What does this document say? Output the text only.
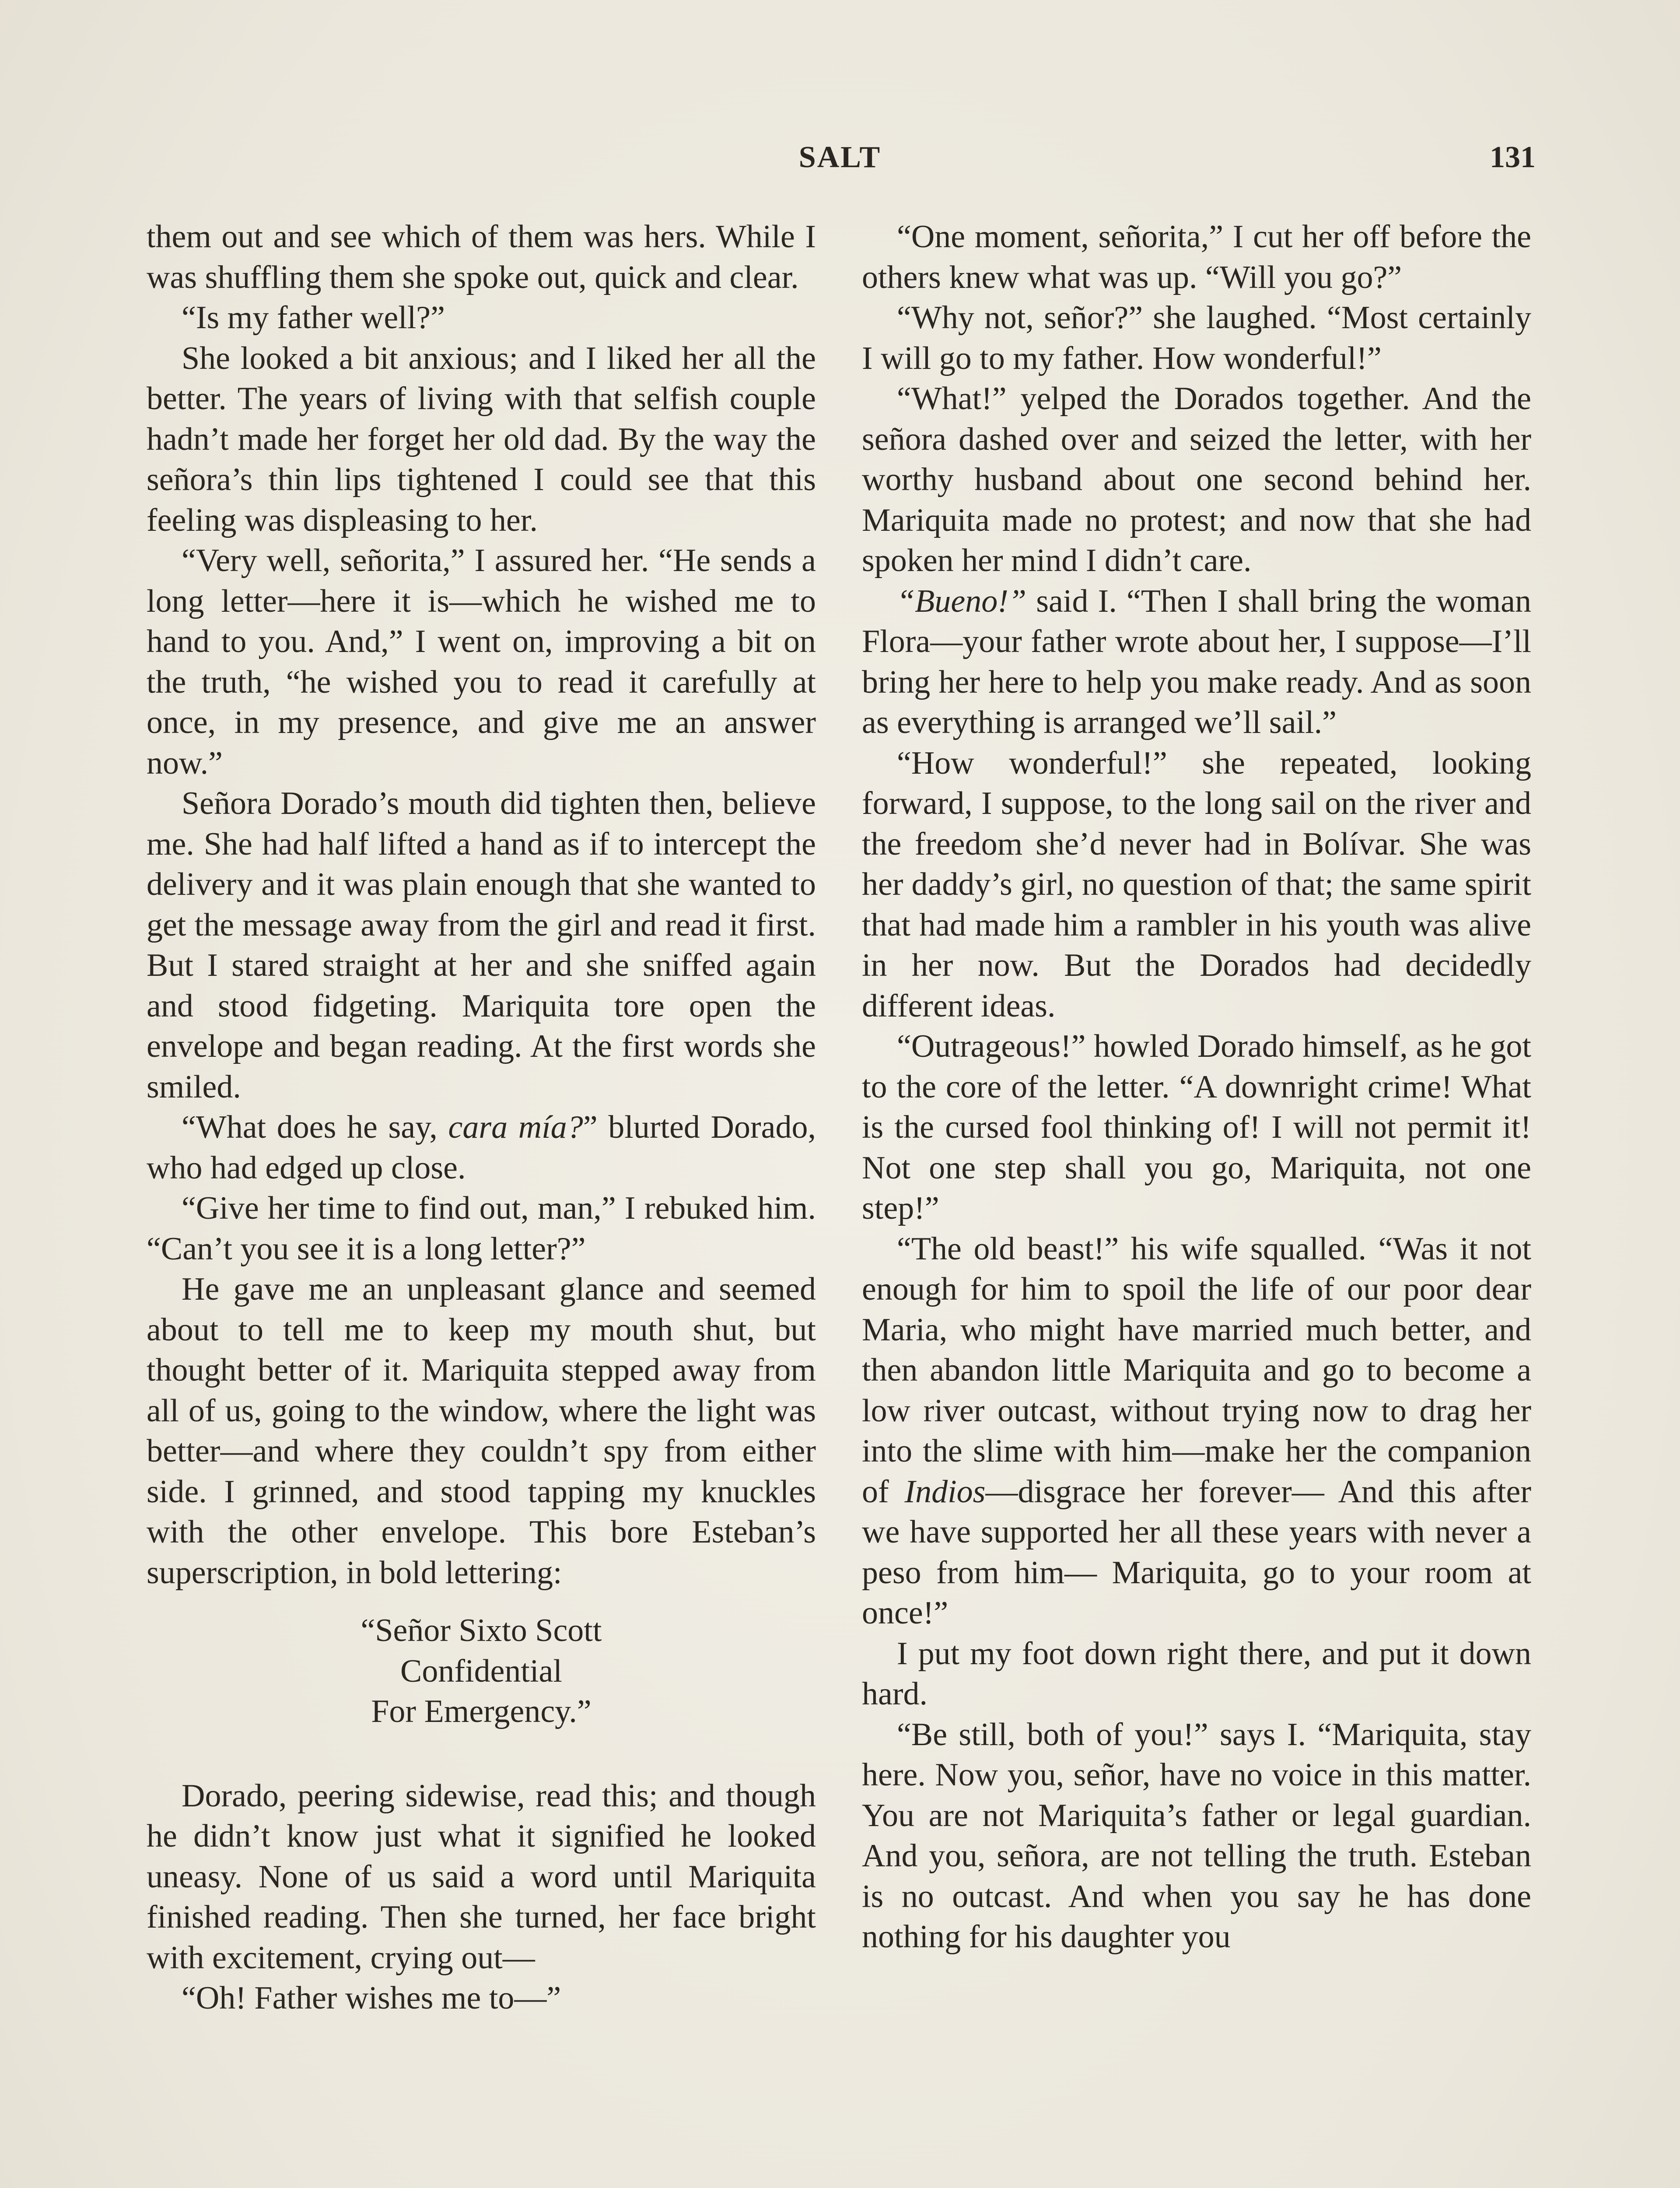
SALT	131

them out and see which of them was hers. While I was shuffling them she spoke out, quick and clear.

“Is my father well?”

She looked a bit anxious; and I liked her all the better. The years of living with that selfish couple hadn’t made her forget her old dad. By the way the señora’s thin lips tightened I could see that this feeling was displeasing to her.

“Very well, señorita,” I assured her. “He sends a long letter—here it is—which he wished me to hand to you. And,” I went on, improving a bit on the truth, “he wished you to read it carefully at once, in my presence, and give me an answer now.”

Señora Dorado’s mouth did tighten then, believe me. She had half lifted a hand as if to intercept the delivery and it was plain enough that she wanted to get the message away from the girl and read it first. But I stared straight at her and she sniffed again and stood fidgeting. Mariquita tore open the envelope and began reading. At the first words she smiled.

“What does he say, cara mía?” blurted Dorado, who had edged up close.

“Give her time to find out, man,” I rebuked him. “Can’t you see it is a long letter?”

He gave me an unpleasant glance and seemed about to tell me to keep my mouth shut, but thought better of it. Mariquita stepped away from all of us, going to the window, where the light was better—and where they couldn’t spy from either side. I grinned, and stood tapping my knuckles with the other envelope. This bore Esteban’s superscription, in bold lettering:

“Señor Sixto Scott
Confidential
For Emergency.”

Dorado, peering sidewise, read this; and though he didn’t know just what it signified he looked uneasy. None of us said a word until Mariquita finished reading. Then she turned, her face bright with excitement, crying out—

“Oh! Father wishes me to—”

“One moment, señorita,” I cut her off before the others knew what was up. “Will you go?”

“Why not, señor?” she laughed. “Most certainly I will go to my father. How wonderful!”

“What!” yelped the Dorados together. And the señora dashed over and seized the letter, with her worthy husband about one second behind her. Mariquita made no protest; and now that she had spoken her mind I didn’t care.

“Bueno!” said I. “Then I shall bring the woman Flora—your father wrote about her, I suppose—I’ll bring her here to help you make ready. And as soon as everything is arranged we’ll sail.”

“How wonderful!” she repeated, looking forward, I suppose, to the long sail on the river and the freedom she’d never had in Bolívar. She was her daddy’s girl, no question of that; the same spirit that had made him a rambler in his youth was alive in her now. But the Dorados had decidedly different ideas.

“Outrageous!” howled Dorado himself, as he got to the core of the letter. “A downright crime! What is the cursed fool thinking of! I will not permit it! Not one step shall you go, Mariquita, not one step!”

“The old beast!” his wife squalled. “Was it not enough for him to spoil the life of our poor dear Maria, who might have married much better, and then abandon little Mariquita and go to become a low river outcast, without trying now to drag her into the slime with him—make her the companion of Indios—disgrace her forever— And this after we have supported her all these years with never a peso from him— Mariquita, go to your room at once!”

I put my foot down right there, and put it down hard.

“Be still, both of you!” says I. “Mariquita, stay here. Now you, señor, have no voice in this matter. You are not Mariquita’s father or legal guardian. And you, señora, are not telling the truth. Esteban is no outcast. And when you say he has done nothing for his daughter you
